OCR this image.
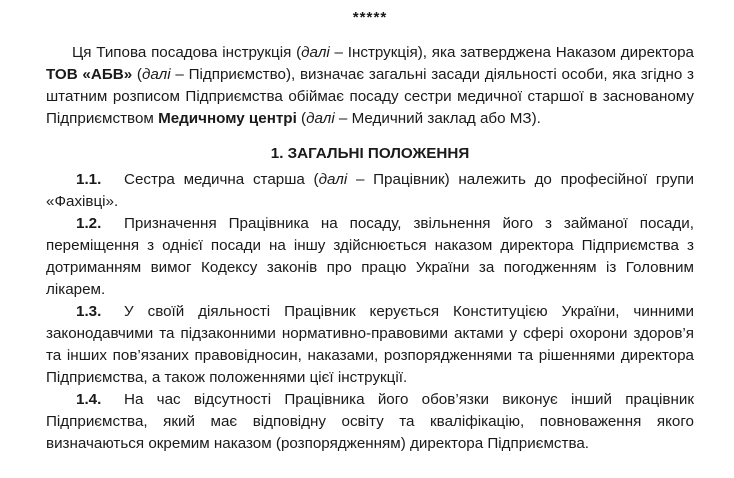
*****

Ця Типова посадова інструкція (далі – Інструкція), яка затверджена Наказом директора ТОВ «АБВ» (далі – Підприємство), визначає загальні засади діяльності особи, яка згідно з штатним розписом Підприємства обіймає посаду сестри медичної старшої в заснованому Підприємством Медичному центрі (далі – Медичний заклад або МЗ).

1. ЗАГАЛЬНІ ПОЛОЖЕННЯ

1.1. Сестра медична старша (далі – Працівник) належить до професійної групи «Фахівці».

1.2. Призначення Працівника на посаду, звільнення його з займаної посади, переміщення з однієї посади на іншу здійснюється наказом директора Підприємства з дотриманням вимог Кодексу законів про працю України за погодженням із Головним лікарем.

1.3. У своїй діяльності Працівник керується Конституцією України, чинними законодавчими та підзаконними нормативно-правовими актами у сфері охорони здоров’я та інших пов’язаних правовідносин, наказами, розпорядженнями та рішеннями директора Підприємства, а також положеннями цієї інструкції.

1.4. На час відсутності Працівника його обов’язки виконує інший працівник Підприємства, який має відповідну освіту та кваліфікацію, повноваження якого визначаються окремим наказом (розпорядженням) директора Підприємства.
